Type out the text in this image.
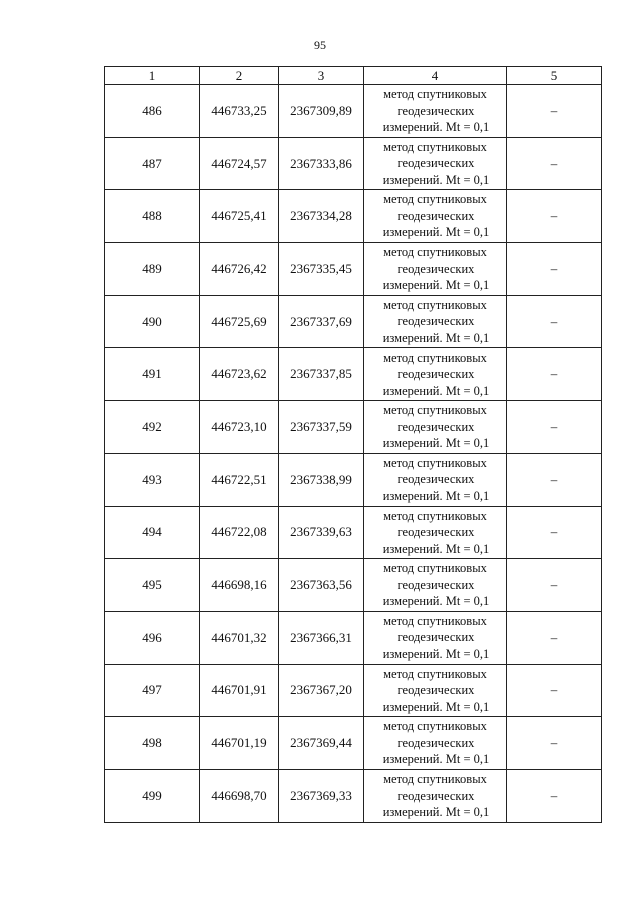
95
1	2	3	4	5
486	446733,25	2367309,89	метод спутниковых
геодезических
измерений. Mt = 0,1	–
487	446724,57	2367333,86	метод спутниковых
геодезических
измерений. Mt = 0,1	–
488	446725,41	2367334,28	метод спутниковых
геодезических
измерений. Mt = 0,1	–
489	446726,42	2367335,45	метод спутниковых
геодезических
измерений. Mt = 0,1	–
490	446725,69	2367337,69	метод спутниковых
геодезических
измерений. Mt = 0,1	–
491	446723,62	2367337,85	метод спутниковых
геодезических
измерений. Mt = 0,1	–
492	446723,10	2367337,59	метод спутниковых
геодезических
измерений. Mt = 0,1	–
493	446722,51	2367338,99	метод спутниковых
геодезических
измерений. Mt = 0,1	–
494	446722,08	2367339,63	метод спутниковых
геодезических
измерений. Mt = 0,1	–
495	446698,16	2367363,56	метод спутниковых
геодезических
измерений. Mt = 0,1	–
496	446701,32	2367366,31	метод спутниковых
геодезических
измерений. Mt = 0,1	–
497	446701,91	2367367,20	метод спутниковых
геодезических
измерений. Mt = 0,1	–
498	446701,19	2367369,44	метод спутниковых
геодезических
измерений. Mt = 0,1	–
499	446698,70	2367369,33	метод спутниковых
геодезических
измерений. Mt = 0,1	–
